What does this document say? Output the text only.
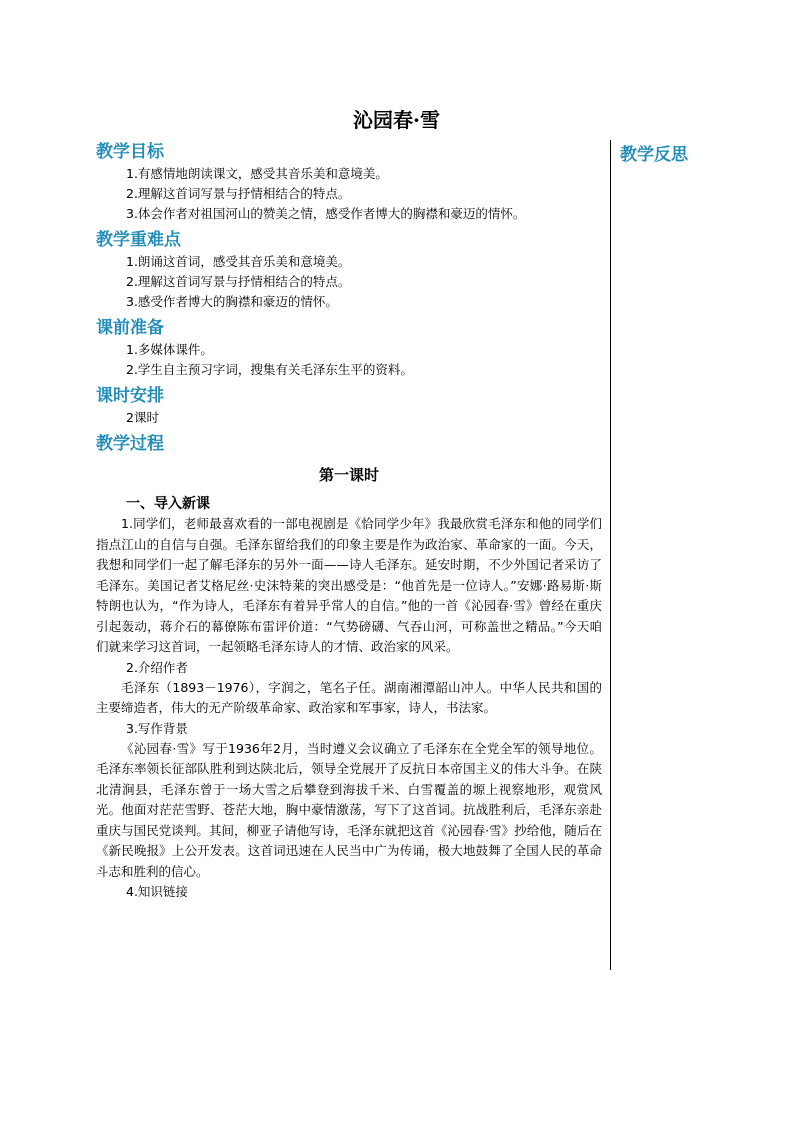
沁园春·雪
教学反思
教学目标
1.有感情地朗读课文，感受其音乐美和意境美。
2.理解这首词写景与抒情相结合的特点。
3.体会作者对祖国河山的赞美之情，感受作者博大的胸襟和豪迈的情怀。
教学重难点
1.朗诵这首词，感受其音乐美和意境美。
2.理解这首词写景与抒情相结合的特点。
3.感受作者博大的胸襟和豪迈的情怀。
课前准备
1.多媒体课件。
2.学生自主预习字词，搜集有关毛泽东生平的资料。
课时安排
2课时
教学过程
第一课时
一、导入新课

1.同学们，老师最喜欢看的一部电视剧是《恰同学少年》我最欣赏毛泽东和他的同学们指点江山的自信与自强。毛泽东留给我们的印象主要是作为政治家、革命家的一面。今天，我想和同学们一起了解毛泽东的另外一面——诗人毛泽东。延安时期，不少外国记者采访了毛泽东。美国记者艾格尼丝·史沫特莱的突出感受是：“他首先是一位诗人。”安娜·路易斯·斯特朗也认为，“作为诗人，毛泽东有着异乎常人的自信。”他的一首《沁园春·雪》曾经在重庆引起轰动，蒋介石的幕僚陈布雷评价道：“气势磅礴、气吞山河，可称盖世之精品。”今天咱们就来学习这首词，一起领略毛泽东诗人的才情、政治家的风采。

2.介绍作者

毛泽东（1893－1976），字润之，笔名子任。湖南湘潭韶山冲人。中华人民共和国的主要缔造者，伟大的无产阶级革命家、政治家和军事家，诗人，书法家。

3.写作背景

《沁园春·雪》写于1936年2月，当时遵义会议确立了毛泽东在全党全军的领导地位。毛泽东率领长征部队胜利到达陕北后，领导全党展开了反抗日本帝国主义的伟大斗争。在陕北清涧县，毛泽东曾于一场大雪之后攀登到海拔千米、白雪覆盖的塬上视察地形，观赏风光。他面对茫茫雪野、苍茫大地，胸中豪情激荡，写下了这首词。抗战胜利后，毛泽东亲赴重庆与国民党谈判。其间，柳亚子请他写诗，毛泽东就把这首《沁园春·雪》抄给他，随后在《新民晚报》上公开发表。这首词迅速在人民当中广为传诵，极大地鼓舞了全国人民的革命斗志和胜利的信心。

4.知识链接
